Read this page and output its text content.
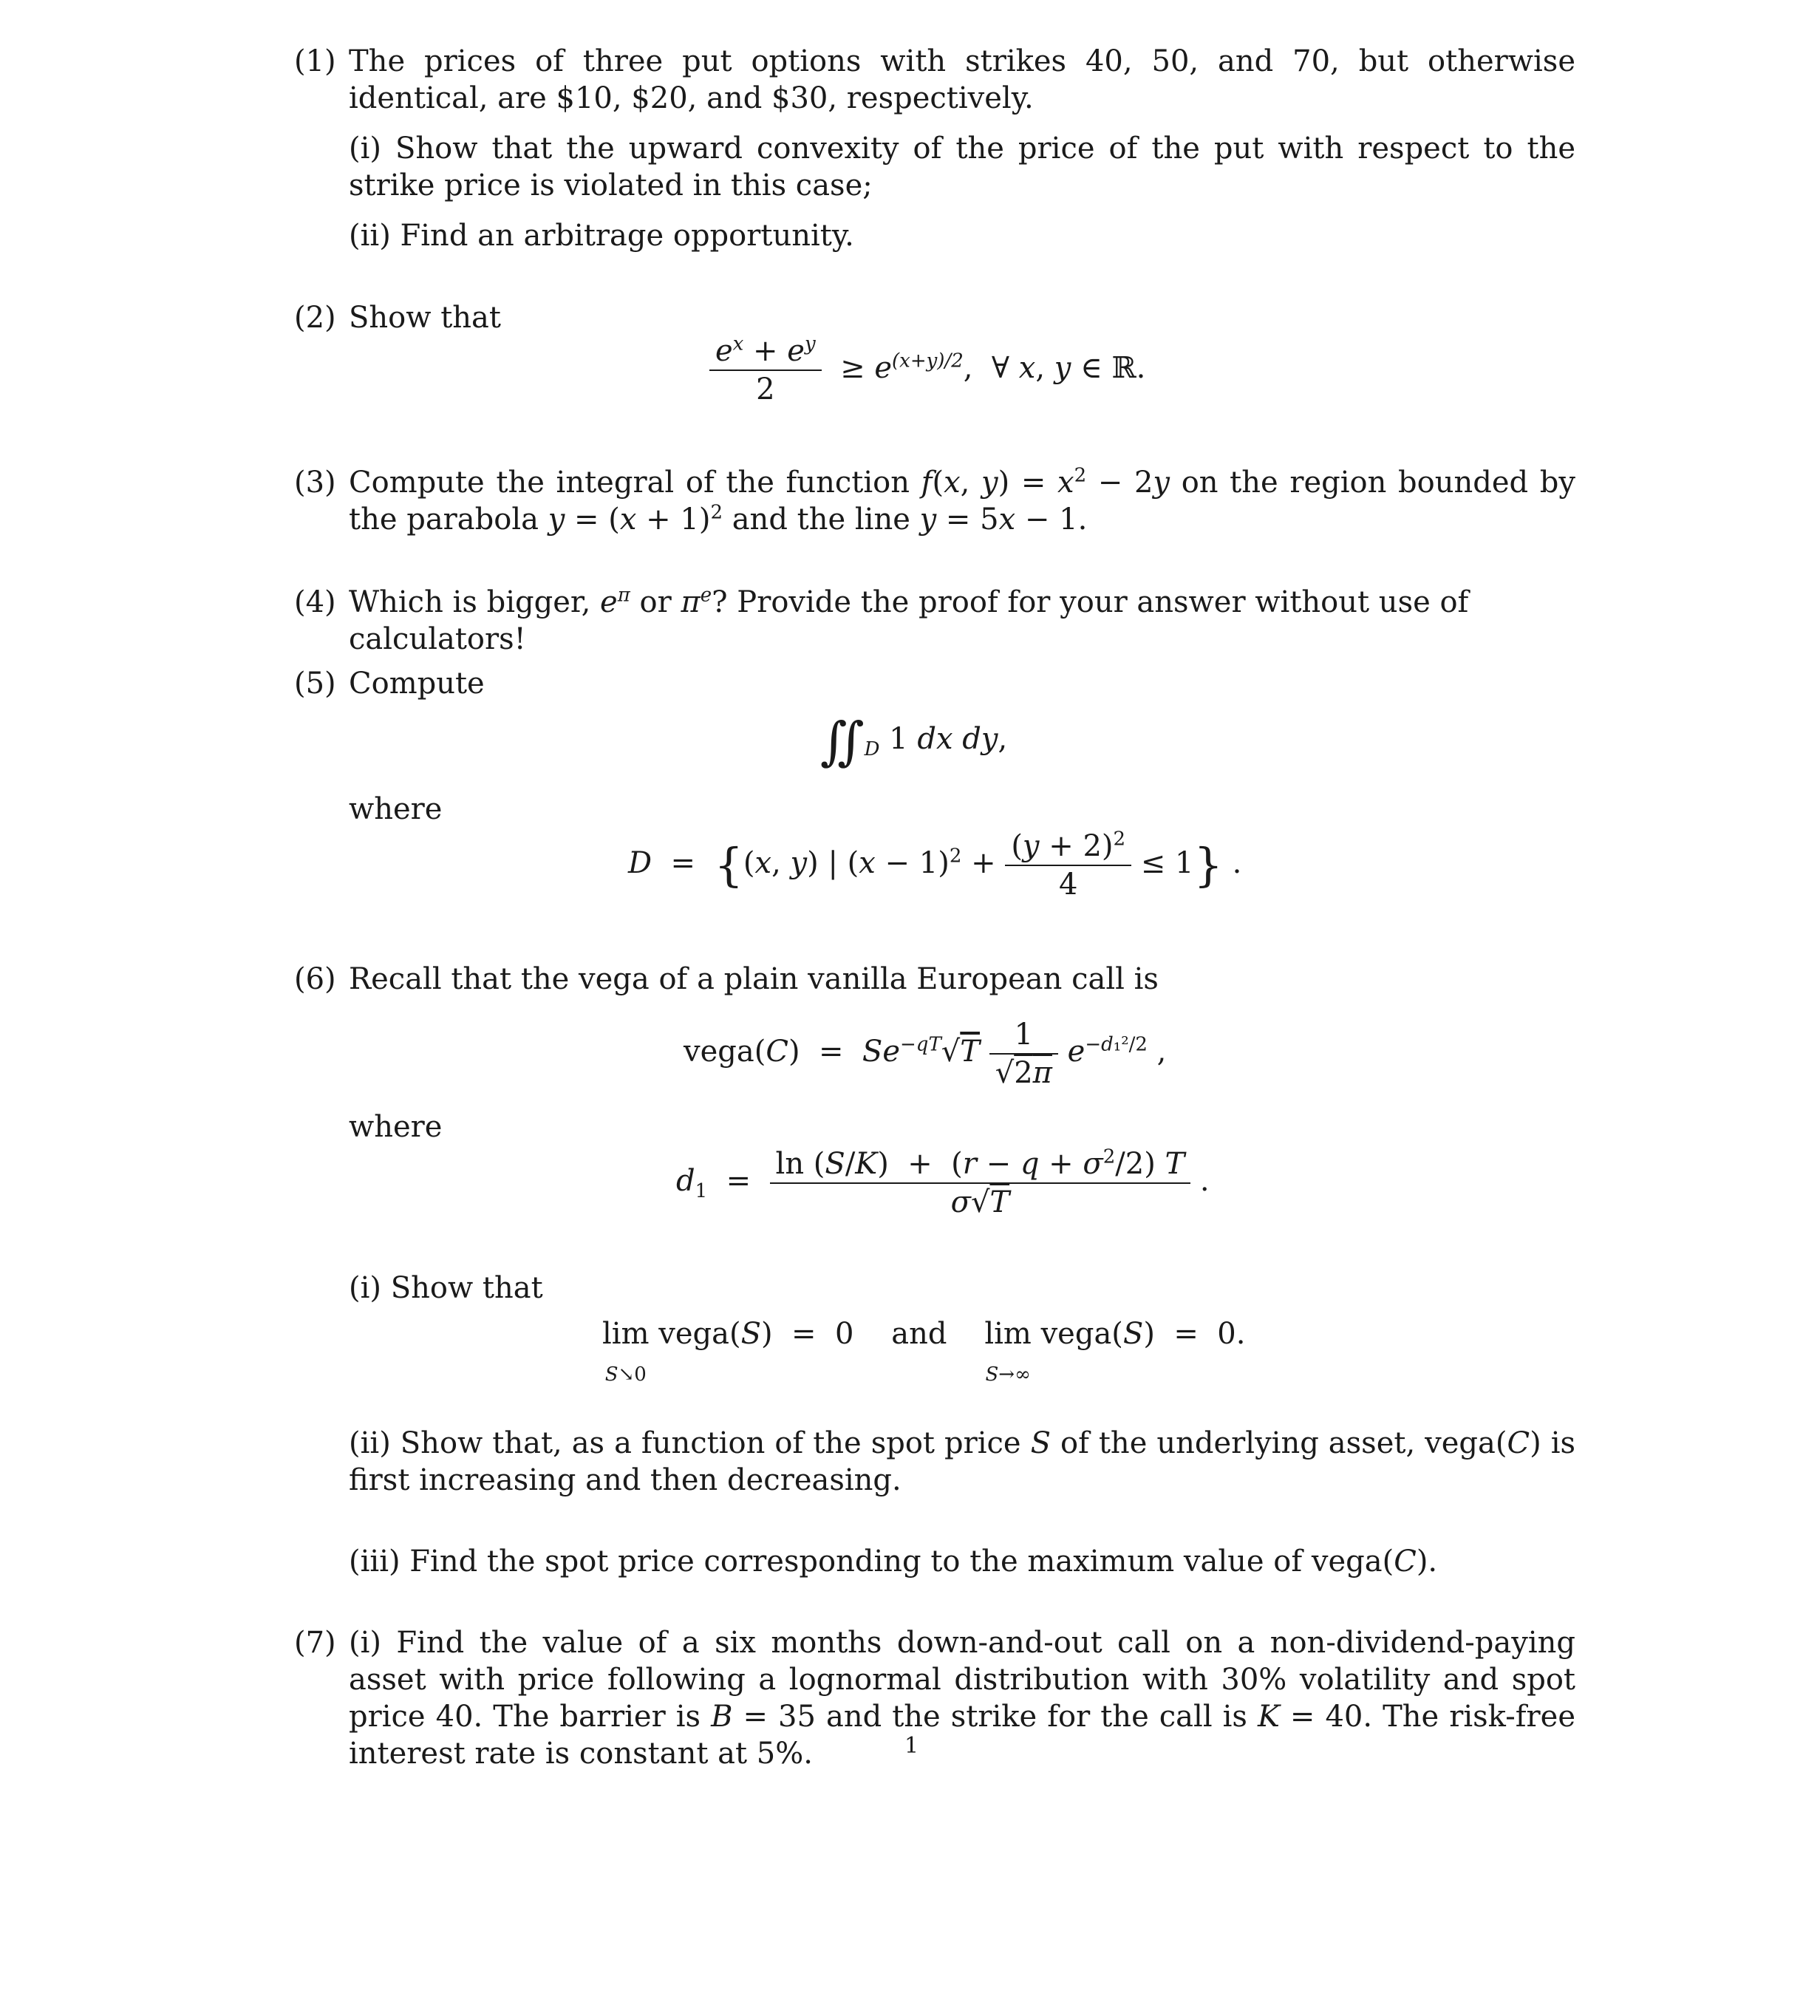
(1) The prices of three put options with strikes 40, 50, and 70, but otherwise identical, are $10, $20, and $30, respectively.
(i) Show that the upward convexity of the price of the put with respect to the strike price is violated in this case;
(ii) Find an arbitrage opportunity.
(2) Show that
$\frac{e^x + e^y}{2} \ge e^{(x+y)/2}$,  ∀ x, y ∈ ℝ.
(3) Compute the integral of the function f(x, $y) = x^2 - 2y$ on the region bounded by the parabola $y = (x + 1)^2$ and the line y = 5x − 1.
(4) Which is bigger, $e^\pi$ or $\pi^e$? Provide the proof for your answer without use of calculators!
(5) Compute
$∬_D$ 1 dx dy,
where
D  =  {(x, y) | $(x - 1)^2 + \frac{(y + 2)^2}{4} \le 1$} .
(6) Recall that the vega of a plain vanilla European call is
vega(C)  =  $Se^{-qT}√T \frac{1}{√2\pi} e^{-d_1^2/2}$ ,
where
$d_1 = \frac{\ln (S/K) + (r - q + \sigma^2/2) T}{\sigma√T}$ .
(i) Show that
lim
S↘0 vega(S)  =  0    and lim
S→∞ vega(S)  =  0.
(ii) Show that, as a function of the spot price S of the underlying asset, vega(C) is first increasing and then decreasing.
(iii) Find the spot price corresponding to the maximum value of vega(C).
(7) (i) Find the value of a six months down-and-out call on a non-dividend-paying asset with price following a lognormal distribution with 30% volatility and spot price 40. The barrier is B = 35 and the strike for the call is K = 40. The risk-free interest rate is constant at 5%.	1
